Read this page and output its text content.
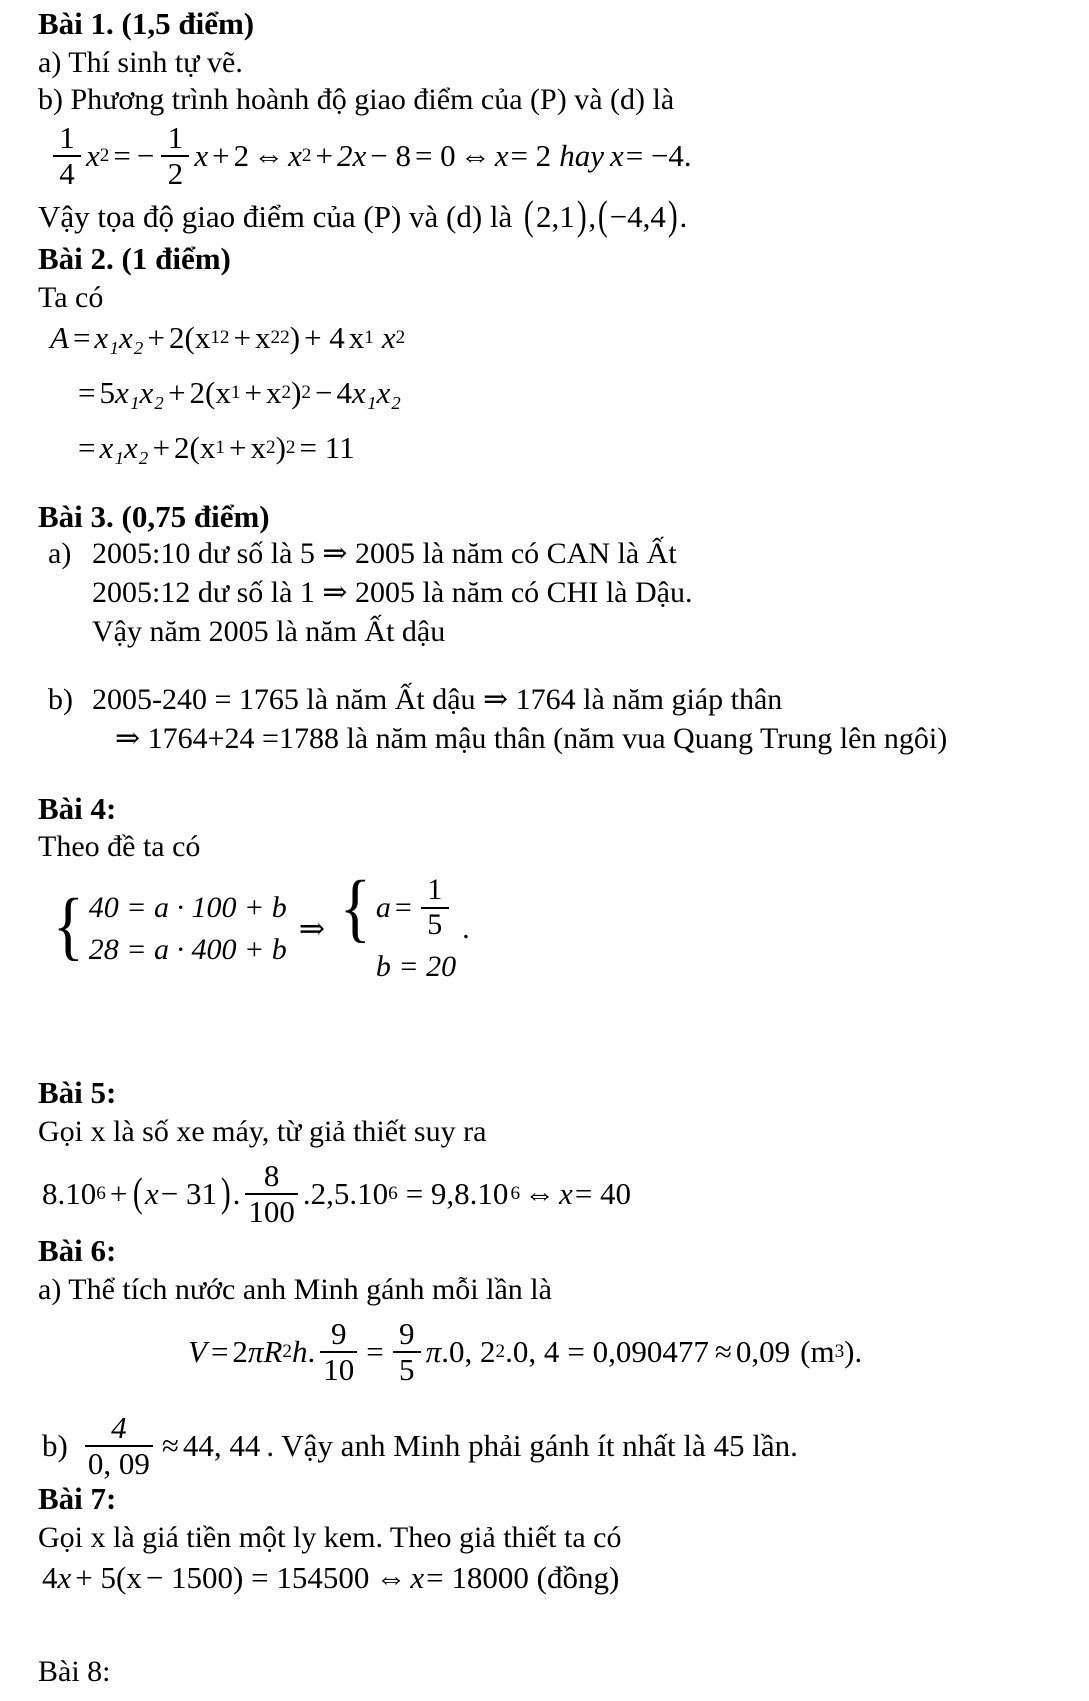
Bài 1. (1,5 điểm)
a) Thí sinh tự vẽ.
b) Phương trình hoành độ giao điểm của (P) và (d) là
$\frac{1}{4}$ x 2 = − $\frac{1}{2}$ x + 2 ⇔ x 2 + 2x − 8 = 0 ⇔ x = 2 hay x = −4.
Vậy tọa độ giao điểm của (P) và (d) là ( 2,1 ) , ( −4,4 ) .
Bài 2. (1 điểm)
Ta có
A = x₁x₂ + 2( x 1 2 + x 2 2 ) + 4 x 1 x 2
= 5 x₁x₂ + 2( x 1 + x 2 ) 2 − 4 x₁x₂
= x₁x₂ + 2( x 1 + x 2 ) 2 = 11
Bài 3. (0,75 điểm)
a) 2005:10 dư số là 5 ⇒ 2005 là năm có CAN là Ất
2005:12 dư số là 1 ⇒ 2005 là năm có CHI là Dậu.
Vậy năm 2005 là năm Ất dậu
b) 2005-240 = 1765 là năm Ất dậu ⇒ 1764 là năm giáp thân
⇒ 1764+24 =1788 là năm mậu thân (năm vua Quang Trung lên ngôi)
Bài 4:
Theo đề ta có
{ 40 = a · 100 + b
28 = a · 400 + b
⇒ { $a = \frac{1}{5}$
b = 20
.
Bài 5:
Gọi x là số xe máy, từ giả thiết suy ra
8.10 6 + ( x − 31 ) . $\frac{8}{100} .2,5.10$ 6 = 9,8.10 6 ⇔ x = 40
Bài 6:
a) Thể tích nước anh Minh gánh mỗi lần là
V = 2 π R 2 h . $\frac{9}{10} = \frac{9}{5}$ π .0, 2 2 .0, 4 = 0,090477 ≈ 0,09 (m 3 ).
$b) \frac{4}{0, 09} \approx 44$, 44 . Vậy anh Minh phải gánh ít nhất là 45 lần.
Bài 7:
Gọi x là giá tiền một ly kem. Theo giả thiết ta có
4 x + 5(x − 1500) = 154500 ⇔ x = 18000 (đồng)
Bài 8:
